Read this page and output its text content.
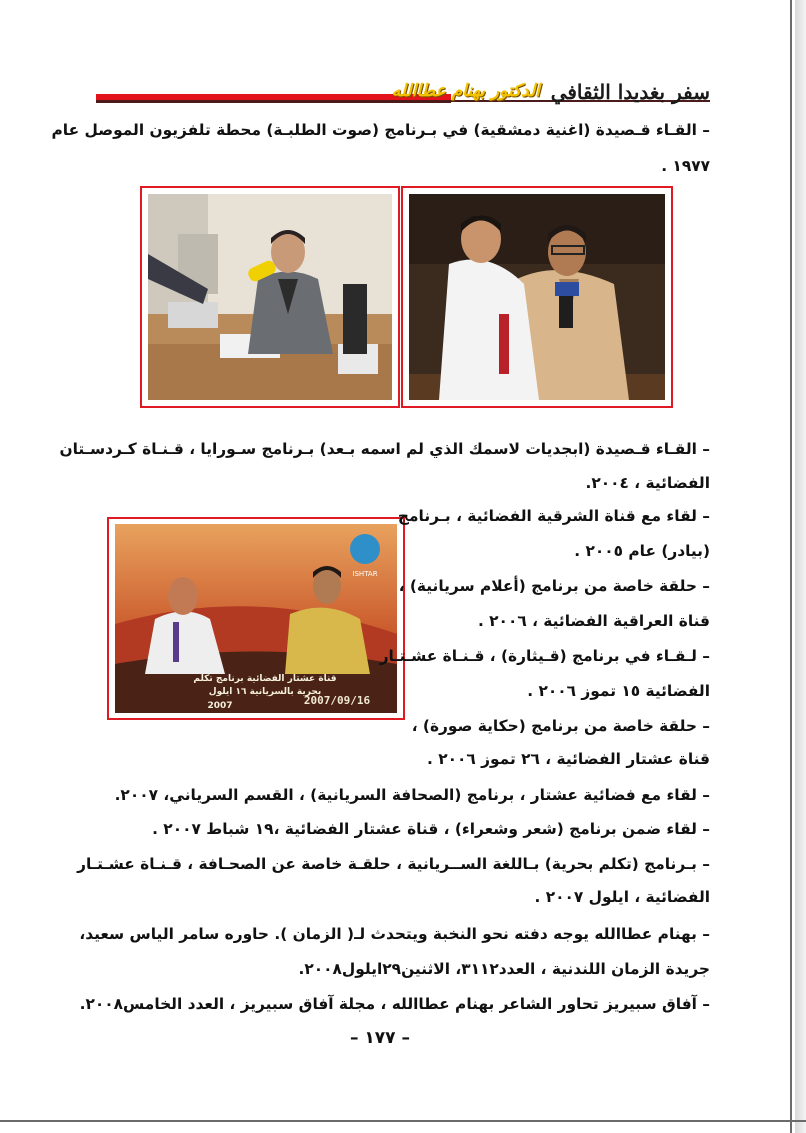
سفر بغديدا الثقافي
الدكتور بهنام عطاالله
– القـاء قـصيدة (اغنية دمشقية) في بـرنامج (صوت الطلبـة) محطة تلفزيون الموصل عام
١٩٧٧ .
– القـاء قـصيدة (ابجديات لاسمك الذي لم اسمه بـعد) بـرنامج سـورايا ، قـنـاة كـردسـتان
الفضائية ، ٢٠٠٤.
ISHTAR
قناة عشتار الفضائية برنامج تكلم
بحرية بالسريانية ١٦ ايلول
2007	2007/09/16
– لقاء مع قناة الشرقية الفضائية ، بـرنامج
(بيادر) عام ٢٠٠٥ .
– حلقة خاصة من برنامج (أعلام سريانية) ،
قناة العراقية الفضائية ، ٢٠٠٦ .
– لـقـاء في برنامج (قـيثارة) ، قـنـاة عشـتـار
الفضائية ١٥ تموز ٢٠٠٦ .
– حلقة خاصة من برنامج (حكاية صورة) ،
قناة عشتار الفضائية ، ٢٦ تموز ٢٠٠٦ .
– لقاء مع فضائية عشتار ، برنامج (الصحافة السريانية) ، القسم السرياني، ٢٠٠٧.
– لقاء ضمن برنامج (شعر وشعراء) ، قناة عشتار الفضائية ،١٩ شباط ٢٠٠٧ .
– بـرنامج (تكلم بحرية) بـاللغة الســريانية ، حلقـة خاصة عن الصحـافة ، قـنـاة عشـتـار
الفضائية ، ايلول ٢٠٠٧ .
– بهنام عطاالله يوجه دفته نحو النخبة ويتحدث لـ( الزمان ). حاوره سامر الياس سعيد،
جريدة الزمان اللندنية ، العدد٣١١٢، الاثنين٢٩ايلول٢٠٠٨.
– آفاق سبيريز تحاور الشاعر بهنام عطاالله ، مجلة آفاق سبيريز ، العدد الخامس٢٠٠٨.
– ١٧٧ –
